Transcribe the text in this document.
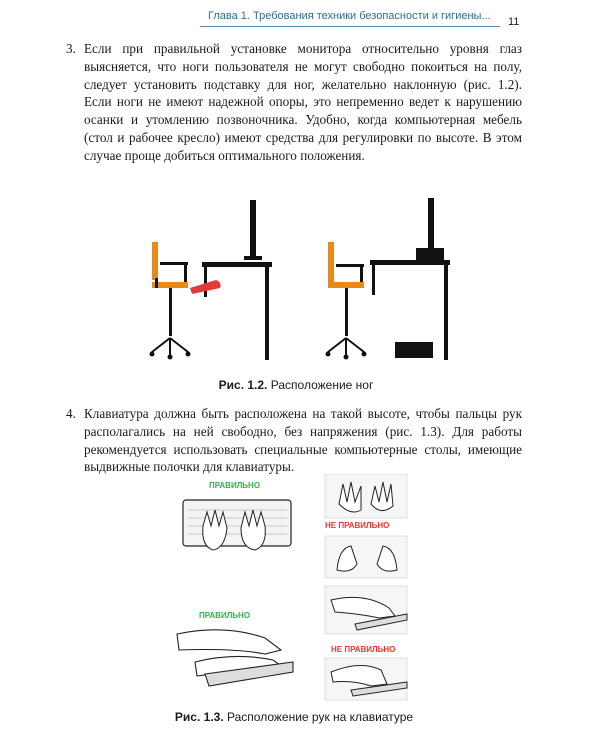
Глава 1. Требования техники безопасности и гигиены... 11
3. Если при правильной установке монитора относительно уровня глаз выясняется, что ноги пользователя не могут свободно покоиться на полу, следует установить подставку для ног, желательно наклонную (рис. 1.2). Если ноги не имеют надежной опоры, это непременно ведет к нарушению осанки и утомлению позвоночника. Удобно, когда компьютерная мебель (стол и рабочее кресло) имеют средства для регулировки по высоте. В этом случае проще добиться оптимального положения.
Рис. 1.2. Расположение ног
4. Клавиатура должна быть расположена на такой высоте, чтобы пальцы рук располагались на ней свободно, без напряжения (рис. 1.3). Для работы рекомендуется использовать специальные компьютерные столы, имеющие выдвижные полочки для клавиатуры.
ПРАВИЛЬНО
НЕ ПРАВИЛЬНО
НЕ ПРАВИЛЬНО
ПРАВИЛЬНО
Рис. 1.3. Расположение рук на клавиатуре
